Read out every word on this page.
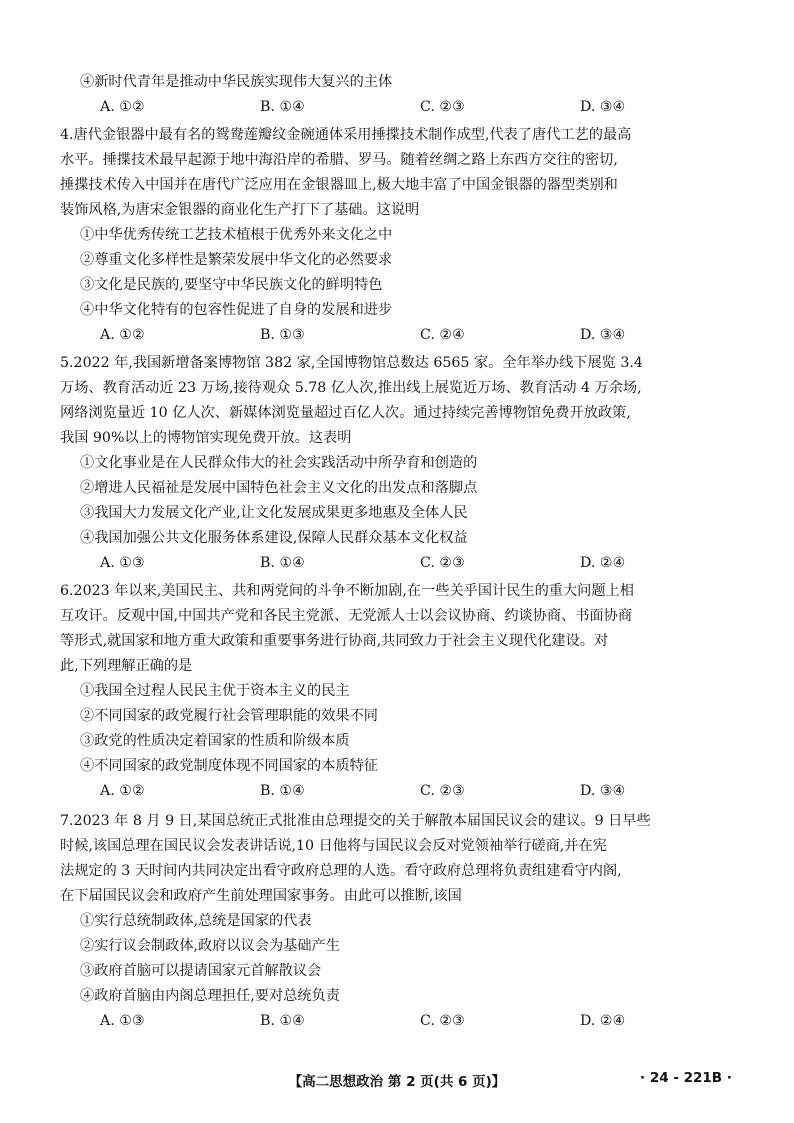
④新时代青年是推动中华民族实现伟大复兴的主体
A. ①②	B. ①④	C. ②③	D. ③④
4.唐代金银器中最有名的鸳鸯莲瓣纹金碗通体采用捶揲技术制作成型,代表了唐代工艺的最高
水平。捶揲技术最早起源于地中海沿岸的希腊、罗马。随着丝绸之路上东西方交往的密切,
捶揲技术传入中国并在唐代广泛应用在金银器皿上,极大地丰富了中国金银器的器型类别和
装饰风格,为唐宋金银器的商业化生产打下了基础。这说明
①中华优秀传统工艺技术植根于优秀外来文化之中
②尊重文化多样性是繁荣发展中华文化的必然要求
③文化是民族的,要坚守中华民族文化的鲜明特色
④中华文化特有的包容性促进了自身的发展和进步
A. ①②	B. ①③	C. ②④	D. ③④
5.2022 年,我国新增备案博物馆 382 家,全国博物馆总数达 6565 家。全年举办线下展览 3.4
万场、教育活动近 23 万场,接待观众 5.78 亿人次,推出线上展览近万场、教育活动 4 万余场,
网络浏览量近 10 亿人次、新媒体浏览量超过百亿人次。通过持续完善博物馆免费开放政策,
我国 90%以上的博物馆实现免费开放。这表明
①文化事业是在人民群众伟大的社会实践活动中所孕育和创造的
②增进人民福祉是发展中国特色社会主义文化的出发点和落脚点
③我国大力发展文化产业,让文化发展成果更多地惠及全体人民
④我国加强公共文化服务体系建设,保障人民群众基本文化权益
A. ①③	B. ①④	C. ②③	D. ②④
6.2023 年以来,美国民主、共和两党间的斗争不断加剧,在一些关乎国计民生的重大问题上相
互攻讦。反观中国,中国共产党和各民主党派、无党派人士以会议协商、约谈协商、书面协商
等形式,就国家和地方重大政策和重要事务进行协商,共同致力于社会主义现代化建设。对
此,下列理解正确的是
①我国全过程人民民主优于资本主义的民主
②不同国家的政党履行社会管理职能的效果不同
③政党的性质决定着国家的性质和阶级本质
④不同国家的政党制度体现不同国家的本质特征
A. ①②	B. ①④	C. ②③	D. ③④
7.2023 年 8 月 9 日,某国总统正式批准由总理提交的关于解散本届国民议会的建议。9 日早些
时候,该国总理在国民议会发表讲话说,10 日他将与国民议会反对党领袖举行磋商,并在宪
法规定的 3 天时间内共同决定出看守政府总理的人选。看守政府总理将负责组建看守内阁,
在下届国民议会和政府产生前处理国家事务。由此可以推断,该国
①实行总统制政体,总统是国家的代表
②实行议会制政体,政府以议会为基础产生
③政府首脑可以提请国家元首解散议会
④政府首脑由内阁总理担任,要对总统负责
A. ①③	B. ①④	C. ②③	D. ②④
【高二思想政治 第 2 页(共 6 页)】	· 24 - 221B ·
